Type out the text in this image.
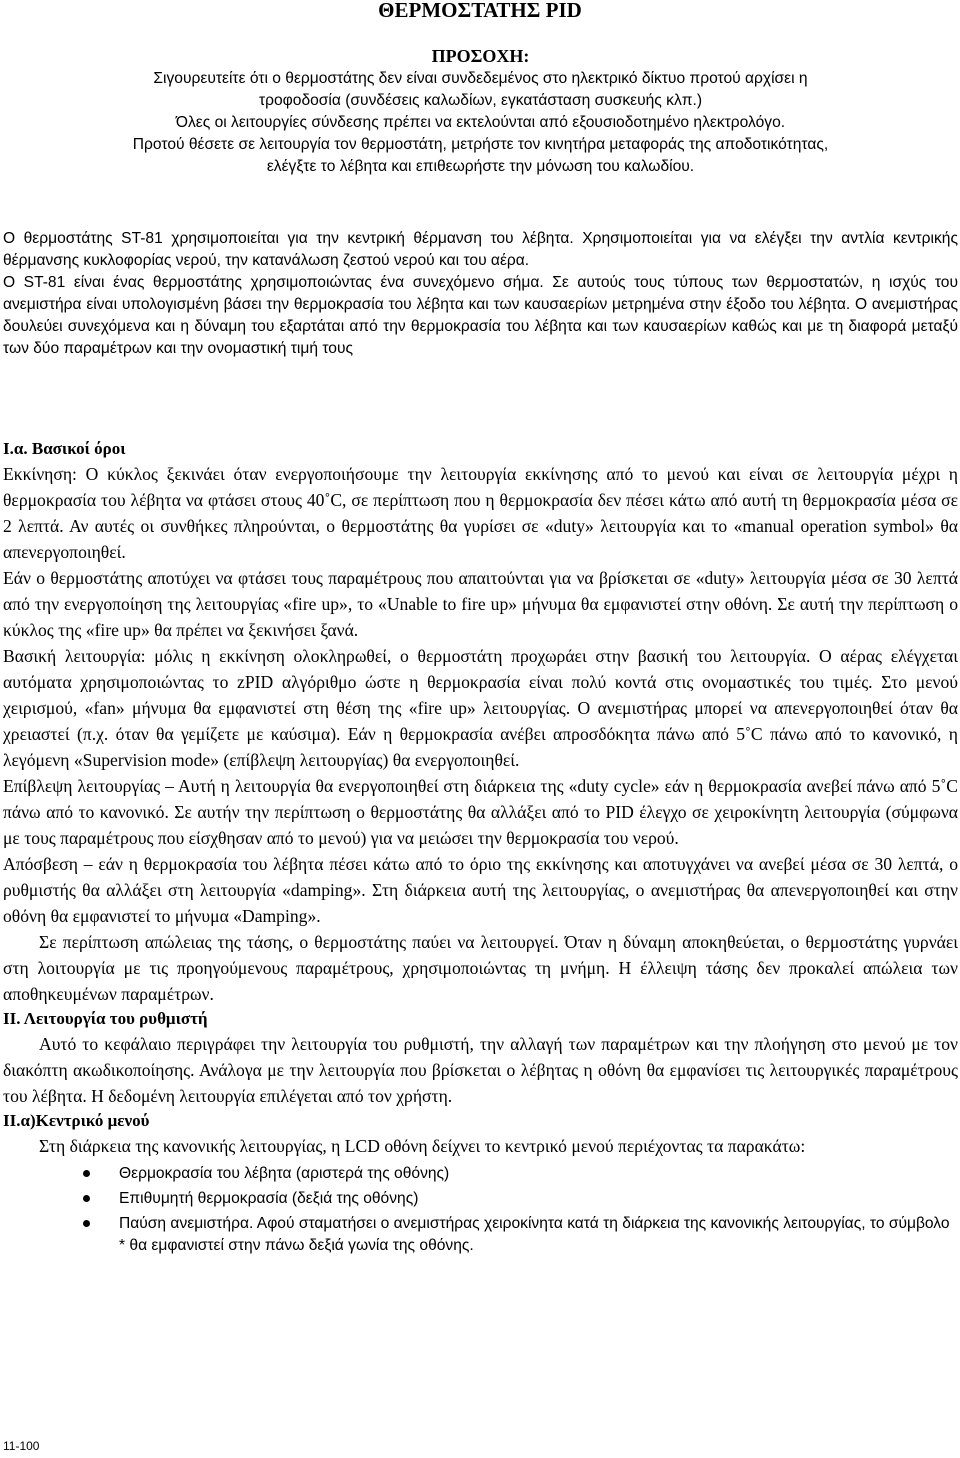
ΘΕΡΜΟΣΤΑΤΗΣ PID

ΠΡΟΣΟΧΗ:

Σιγουρευτείτε ότι ο θερμοστάτης δεν είναι συνδεδεμένος στο ηλεκτρικό δίκτυο προτού αρχίσει η

τροφοδοσία (συνδέσεις καλωδίων, εγκατάσταση συσκευής κλπ.)

Όλες οι λειτουργίες σύνδεσης πρέπει να εκτελούνται από εξουσιοδοτημένο ηλεκτρολόγο.

Προτού θέσετε σε λειτουργία τον θερμοστάτη, μετρήστε τον κινητήρα μεταφοράς της αποδοτικότητας,

ελέγξτε το λέβητα και επιθεωρήστε την μόνωση του καλωδίου.

Ο θερμοστάτης ST-81 χρησιμοποιείται για την κεντρική θέρμανση του λέβητα. Χρησιμοποιείται για να ελέγξει την αντλία κεντρικής θέρμανσης κυκλοφορίας νερού, την κατανάλωση ζεστού νερού και του αέρα.

Ο ST-81 είναι ένας θερμοστάτης χρησιμοποιώντας ένα συνεχόμενο σήμα. Σε αυτούς τους τύπους των θερμοστατών, η ισχύς του ανεμιστήρα είναι υπολογισμένη βάσει την θερμοκρασία του λέβητα και των καυσαερίων μετρημένα στην έξοδο του λέβητα. Ο ανεμιστήρας δουλεύει συνεχόμενα και η δύναμη του εξαρτάται από την θερμοκρασία του λέβητα και των καυσαερίων καθώς και με τη διαφορά μεταξύ των δύο παραμέτρων και την ονομαστική τιμή τους

Ι.α. Βασικοί όροι

Εκκίνηση: Ο κύκλος ξεκινάει όταν ενεργοποιήσουμε την λειτουργία εκκίνησης από το μενού και είναι σε λειτουργία μέχρι η θερμοκρασία του λέβητα να φτάσει στους 40˚C, σε περίπτωση που η θερμοκρασία δεν πέσει κάτω από αυτή τη θερμοκρασία μέσα σε 2 λεπτά. Αν αυτές οι συνθήκες πληρούνται, ο θερμοστάτης θα γυρίσει σε «duty» λειτουργία και το «manual operation symbol» θα απενεργοποιηθεί.

Εάν ο θερμοστάτης αποτύχει να φτάσει τους παραμέτρους που απαιτούνται για να βρίσκεται σε «duty» λειτουργία μέσα σε 30 λεπτά από την ενεργοποίηση της λειτουργίας «fire up», το «Unable to fire up» μήνυμα θα εμφανιστεί στην οθόνη. Σε αυτή την περίπτωση ο κύκλος της «fire up» θα πρέπει να ξεκινήσει ξανά.

Βασική λειτουργία: μόλις η εκκίνηση ολοκληρωθεί, ο θερμοστάτη προχωράει στην βασική του λειτουργία. Ο αέρας ελέγχεται αυτόματα χρησιμοποιώντας το zPID αλγόριθμο ώστε η θερμοκρασία είναι πολύ κοντά στις ονομαστικές του τιμές. Στο μενού χειρισμού, «fan» μήνυμα θα εμφανιστεί στη θέση της «fire up» λειτουργίας. Ο ανεμιστήρας μπορεί να απενεργοποιηθεί όταν θα χρειαστεί (π.χ. όταν θα γεμίζετε με καύσιμα). Εάν η θερμοκρασία ανέβει απροσδόκητα πάνω από 5˚C πάνω από το κανονικό, η λεγόμενη «Supervision mode» (επίβλεψη λειτουργίας) θα ενεργοποιηθεί.

Επίβλεψη λειτουργίας – Αυτή η λειτουργία θα ενεργοποιηθεί στη διάρκεια της «duty cycle» εάν η θερμοκρασία ανεβεί πάνω από 5˚C πάνω από το κανονικό. Σε αυτήν την περίπτωση ο θερμοστάτης θα αλλάξει από το PID έλεγχο σε χειροκίνητη λειτουργία (σύμφωνα με τους παραμέτρους που είσχθησαν από το μενού) για να μειώσει την θερμοκρασία του νερού.

Απόσβεση – εάν η θερμοκρασία του λέβητα πέσει κάτω από το όριο της εκκίνησης και αποτυγχάνει να ανεβεί μέσα σε 30 λεπτά, ο ρυθμιστής θα αλλάξει στη λειτουργία «damping». Στη διάρκεια αυτή της λειτουργίας, ο ανεμιστήρας θα απενεργοποιηθεί και στην οθόνη θα εμφανιστεί το μήνυμα «Damping».

Σε περίπτωση απώλειας της τάσης, ο θερμοστάτης παύει να λειτουργεί. Όταν η δύναμη αποκηθεύεται, ο θερμοστάτης γυρνάει στη λοιτουργία με τις προηγούμενους παραμέτρους, χρησιμοποιώντας τη μνήμη. Η έλλειψη τάσης δεν προκαλεί απώλεια των αποθηκευμένων παραμέτρων.

ΙΙ. Λειτουργία του ρυθμιστή

Αυτό το κεφάλαιο περιγράφει την λειτουργία του ρυθμιστή, την αλλαγή των παραμέτρων και την πλοήγηση στο μενού με τον διακόπτη ακωδικοποίησης. Ανάλογα με την λειτουργία που βρίσκεται ο λέβητας η οθόνη θα εμφανίσει τις λειτουργικές παραμέτρους του λέβητα. Η δεδομένη λειτουργία επιλέγεται από τον χρήστη.

ΙΙ.α)Κεντρικό μενού

Στη διάρκεια της κανονικής λειτουργίας, η LCD οθόνη δείχνει το κεντρικό μενού περιέχοντας τα παρακάτω:

Θερμοκρασία του λέβητα (αριστερά της οθόνης)
Επιθυμητή θερμοκρασία (δεξιά της οθόνης)
Παύση ανεμιστήρα. Αφού σταματήσει ο ανεμιστήρας χειροκίνητα κατά τη διάρκεια της κανονικής λειτουργίας, το σύμβολο * θα εμφανιστεί στην πάνω δεξιά γωνία της οθόνης.
11-100
